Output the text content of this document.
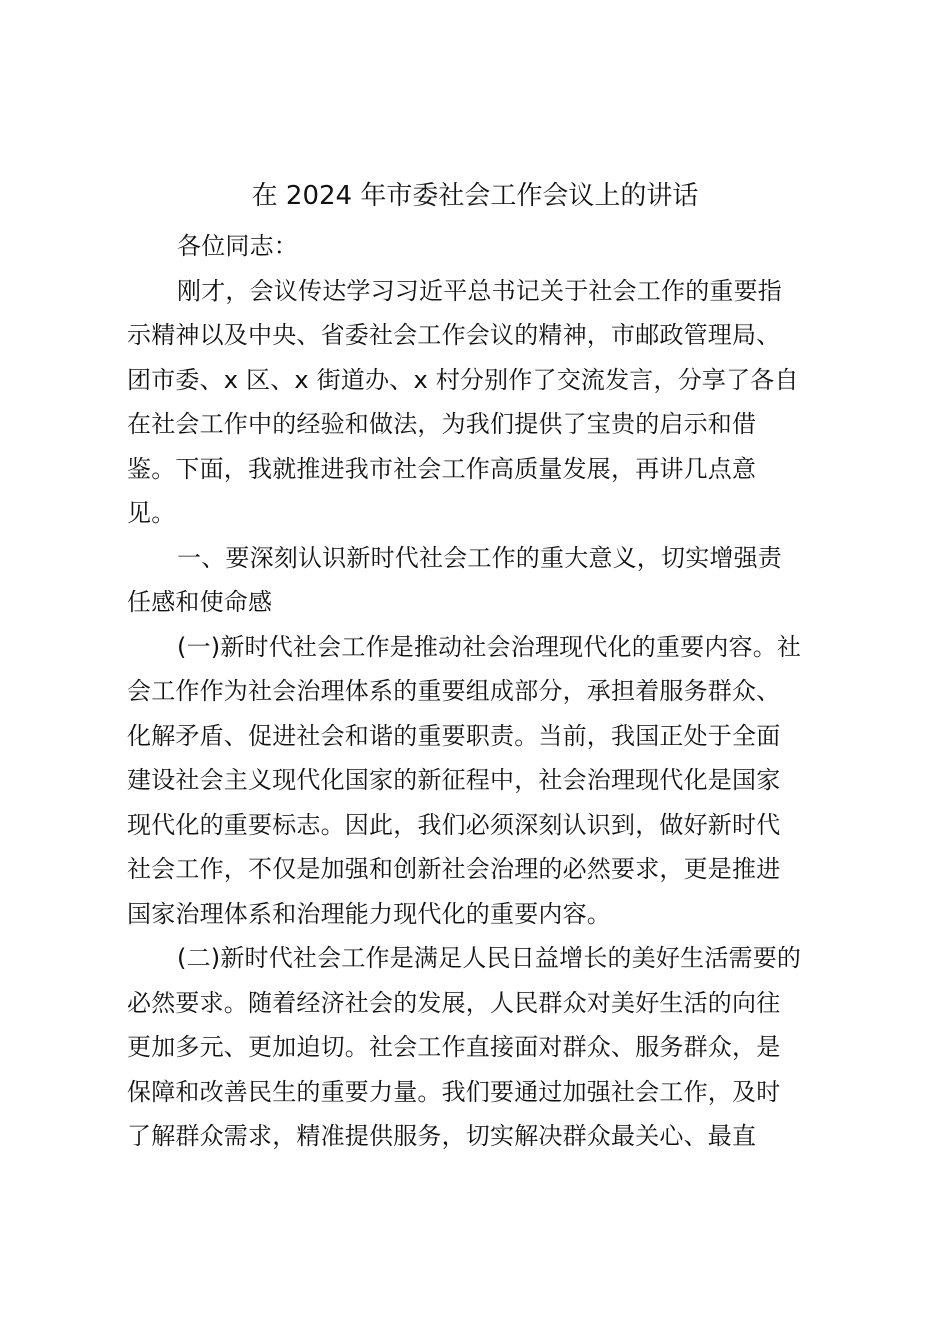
在 2024 年市委社会工作会议上的讲话
各位同志：
刚才，会议传达学习习近平总书记关于社会工作的重要指
示精神以及中央、省委社会工作会议的精神，市邮政管理局、
团市委、x 区、x 街道办、x 村分别作了交流发言，分享了各自
在社会工作中的经验和做法，为我们提供了宝贵的启示和借
鉴。下面，我就推进我市社会工作高质量发展，再讲几点意
见。
一、要深刻认识新时代社会工作的重大意义，切实增强责
任感和使命感
(一)新时代社会工作是推动社会治理现代化的重要内容。社
会工作作为社会治理体系的重要组成部分，承担着服务群众、
化解矛盾、促进社会和谐的重要职责。当前，我国正处于全面
建设社会主义现代化国家的新征程中，社会治理现代化是国家
现代化的重要标志。因此，我们必须深刻认识到，做好新时代
社会工作，不仅是加强和创新社会治理的必然要求，更是推进
国家治理体系和治理能力现代化的重要内容。
(二)新时代社会工作是满足人民日益增长的美好生活需要的
必然要求。随着经济社会的发展，人民群众对美好生活的向往
更加多元、更加迫切。社会工作直接面对群众、服务群众，是
保障和改善民生的重要力量。我们要通过加强社会工作，及时
了解群众需求，精准提供服务，切实解决群众最关心、最直
